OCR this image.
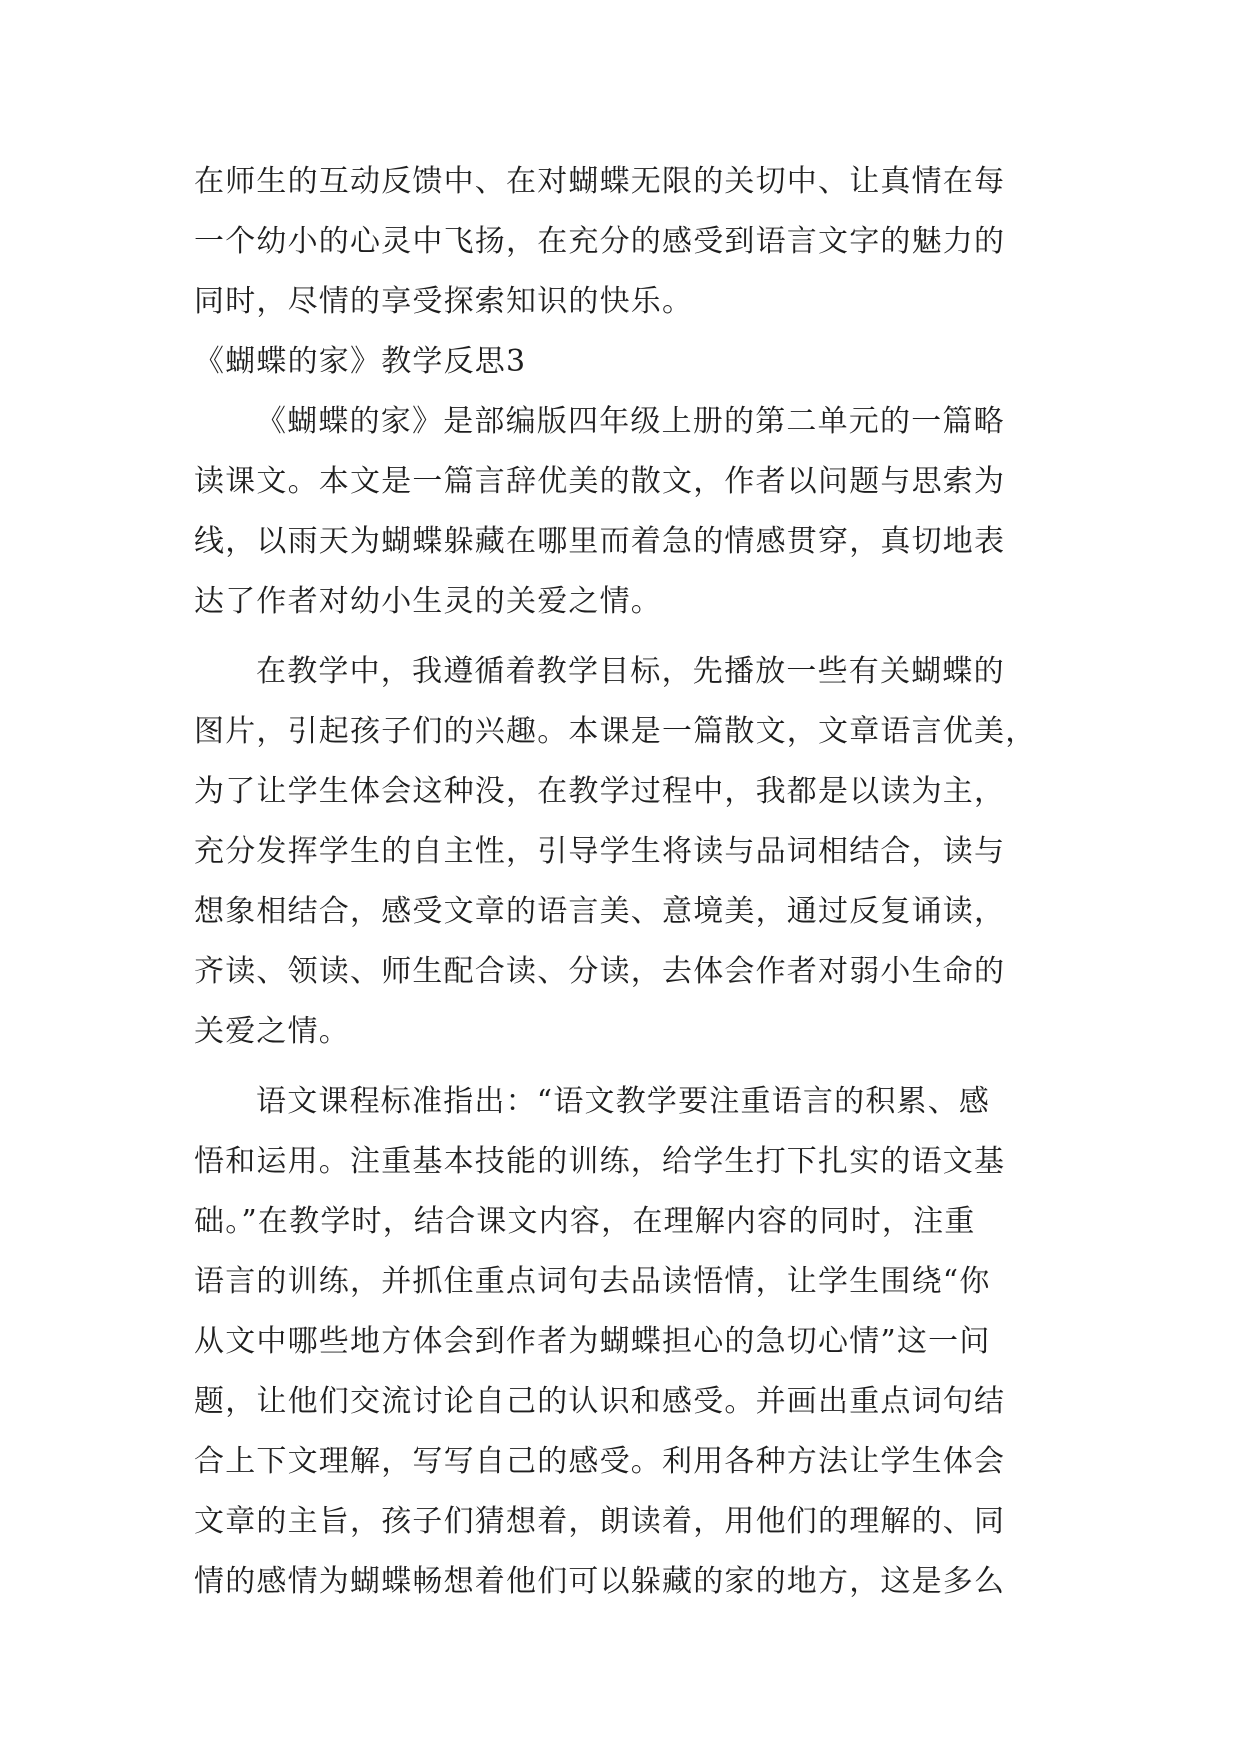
在师生的互动反馈中、在对蝴蝶无限的关切中、让真情在每
一个幼小的心灵中飞扬，在充分的感受到语言文字的魅力的
同时，尽情的享受探索知识的快乐。
《蝴蝶的家》教学反思3
《蝴蝶的家》是部编版四年级上册的第二单元的一篇略
读课文。本文是一篇言辞优美的散文，作者以问题与思索为
线，以雨天为蝴蝶躲藏在哪里而着急的情感贯穿，真切地表
达了作者对幼小生灵的关爱之情。
在教学中，我遵循着教学目标，先播放一些有关蝴蝶的
图片，引起孩子们的兴趣。本课是一篇散文，文章语言优美，
为了让学生体会这种没，在教学过程中，我都是以读为主，
充分发挥学生的自主性，引导学生将读与品词相结合，读与
想象相结合，感受文章的语言美、意境美，通过反复诵读，
齐读、领读、师生配合读、分读，去体会作者对弱小生命的
关爱之情。
语文课程标准指出：“语文教学要注重语言的积累、感
悟和运用。注重基本技能的训练，给学生打下扎实的语文基
础。”在教学时，结合课文内容，在理解内容的同时，注重
语言的训练，并抓住重点词句去品读悟情，让学生围绕“你
从文中哪些地方体会到作者为蝴蝶担心的急切心情”这一问
题，让他们交流讨论自己的认识和感受。并画出重点词句结
合上下文理解，写写自己的感受。利用各种方法让学生体会
文章的主旨，孩子们猜想着，朗读着，用他们的理解的、同
情的感情为蝴蝶畅想着他们可以躲藏的家的地方，这是多么
